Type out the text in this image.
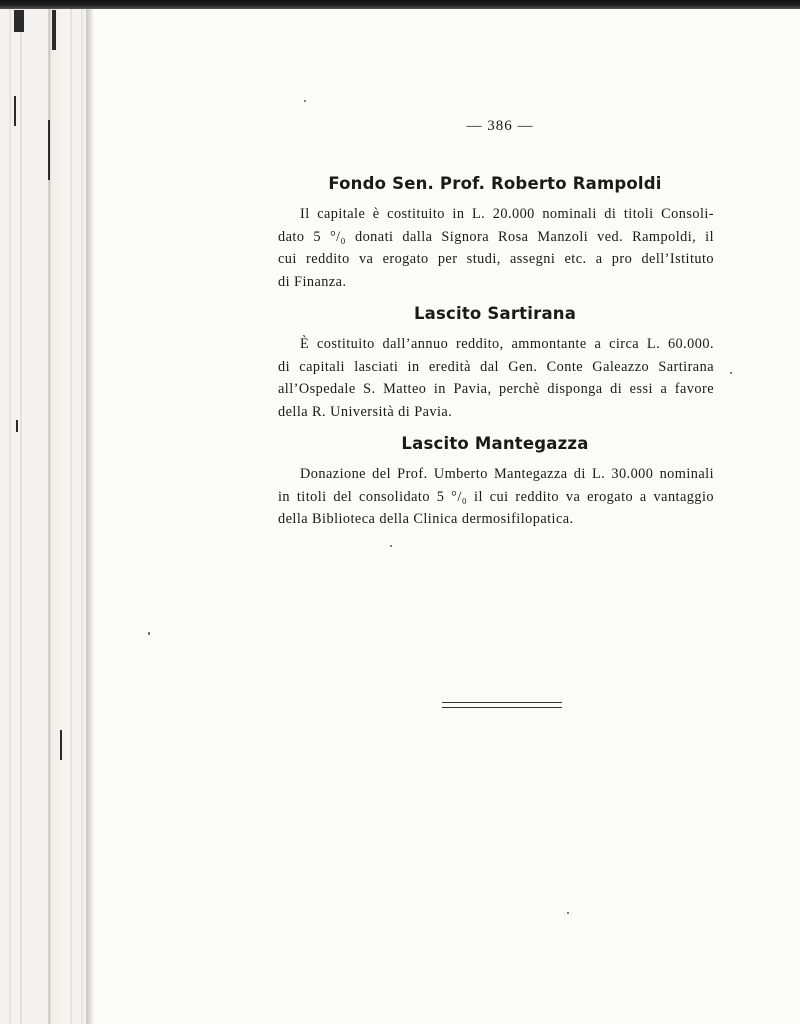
— 386 —
Fondo Sen. Prof. Roberto Rampoldi
Il capitale è costituito in L. 20.000 nominali di titoli Consoli-
dato 5 °/₀ donati dalla Signora Rosa Manzoli ved. Rampoldi, il
cui reddito va erogato per studi, assegni etc. a pro dell’Istituto
di Finanza.
Lascito Sartirana
È costituito dall’annuo reddito, ammontante a circa L. 60.000.
di capitali lasciati in eredità dal Gen. Conte Galeazzo Sartirana
all’Ospedale S. Matteo in Pavia, perchè disponga di essi a favore
della R. Università di Pavia.
Lascito Mantegazza
Donazione del Prof. Umberto Mantegazza di L. 30.000 nominali
in titoli del consolidato 5 °/₀ il cui reddito va erogato a vantaggio
della Biblioteca della Clinica dermosifilopatica.
